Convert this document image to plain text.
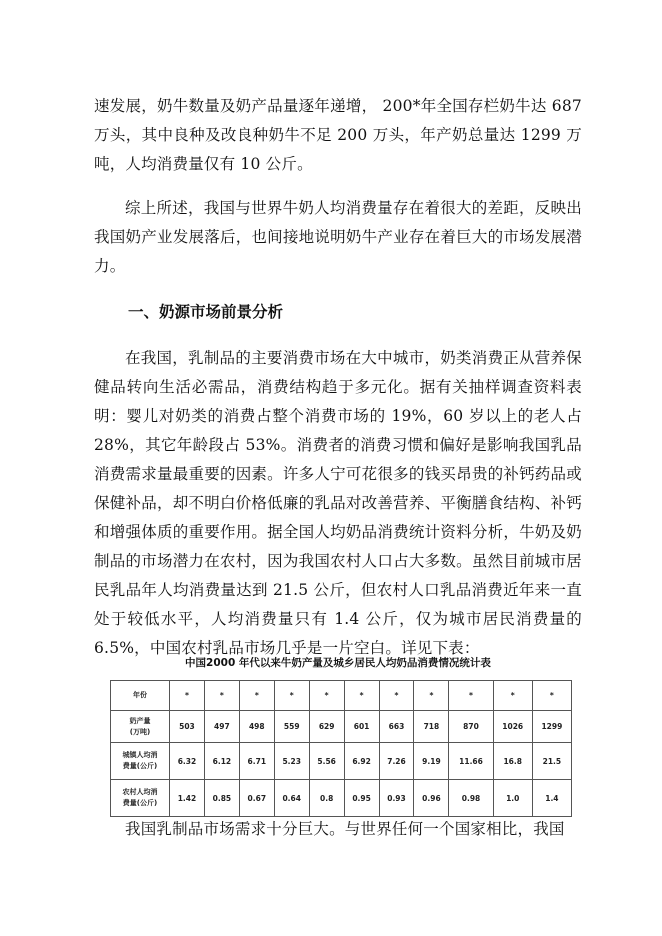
速发展，奶牛数量及奶产品量逐年递增， 200*年全国存栏奶牛达 687 万头，其中良种及改良种奶牛不足 200 万头，年产奶总量达 1299 万吨，人均消费量仅有 10 公斤。

综上所述，我国与世界牛奶人均消费量存在着很大的差距，反映出我国奶产业发展落后，也间接地说明奶牛产业存在着巨大的市场发展潜力。

一、奶源市场前景分析

在我国，乳制品的主要消费市场在大中城市，奶类消费正从营养保健品转向生活必需品，消费结构趋于多元化。据有关抽样调查资料表明：婴儿对奶类的消费占整个消费市场的 19%，60 岁以上的老人占 28%，其它年龄段占 53%。消费者的消费习惯和偏好是影响我国乳品消费需求量最重要的因素。许多人宁可花很多的钱买昂贵的补钙药品或保健补品，却不明白价格低廉的乳品对改善营养、平衡膳食结构、补钙和增强体质的重要作用。据全国人均奶品消费统计资料分析，牛奶及奶制品的市场潜力在农村，因为我国农村人口占大多数。虽然目前城市居民乳品年人均消费量达到 21.5 公斤，但农村人口乳品消费近年来一直处于较低水平，人均消费量只有 1.4 公斤，仅为城市居民消费量的 6.5%，中国农村乳品市场几乎是一片空白。详见下表：

中国2000 年代以来牛奶产量及城乡居民人均奶品消费情况统计表

年份	*	*	*	*	*	*	*	*	*	*	*
奶产量
(万吨)	503	497	498	559	629	601	663	718	870	1026	1299
城镇人均消
费量(公斤)	6.32	6.12	6.71	5.23	5.56	6.92	7.26	9.19	11.66	16.8	21.5
农村人均消
费量(公斤)	1.42	0.85	0.67	0.64	0.8	0.95	0.93	0.96	0.98	1.0	1.4

我国乳制品市场需求十分巨大。与世界任何一个国家相比，我国
